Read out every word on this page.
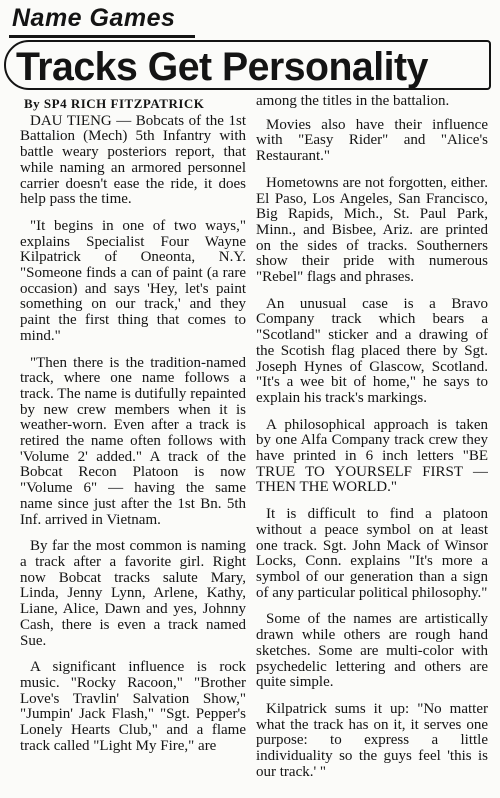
Name Games
Tracks Get Personality
By SP4 RICH FITZPATRICK

DAU TIENG — Bobcats of the 1st Battalion (Mech) 5th Infantry with battle weary posteriors report, that while naming an armored personnel carrier doesn't ease the ride, it does help pass the time.

"It begins in one of two ways," explains Specialist Four Wayne Kilpatrick of Oneonta, N.Y. "Someone finds a can of paint (a rare occasion) and says 'Hey, let's paint something on our track,' and they paint the first thing that comes to mind."

"Then there is the tradition-named track, where one name follows a track. The name is dutifully repainted by new crew members when it is weather-worn. Even after a track is retired the name often follows with 'Volume 2' added." A track of the Bobcat Recon Platoon is now "Volume 6" — having the same name since just after the 1st Bn. 5th Inf. arrived in Vietnam.

By far the most common is naming a track after a favorite girl. Right now Bobcat tracks salute Mary, Linda, Jenny Lynn, Arlene, Kathy, Liane, Alice, Dawn and yes, Johnny Cash, there is even a track named Sue.

A significant influence is rock music. "Rocky Racoon," "Brother Love's Travlin' Salvation Show," "Jumpin' Jack Flash," "Sgt. Pepper's Lonely Hearts Club," and a flame track called "Light My Fire," are

among the titles in the battalion.

Movies also have their influence with "Easy Rider" and "Alice's Restaurant."

Hometowns are not forgotten, either. El Paso, Los Angeles, San Francisco, Big Rapids, Mich., St. Paul Park, Minn., and Bisbee, Ariz. are printed on the sides of tracks. Southerners show their pride with numerous "Rebel" flags and phrases.

An unusual case is a Bravo Company track which bears a "Scotland" sticker and a drawing of the Scotish flag placed there by Sgt. Joseph Hynes of Glascow, Scotland. "It's a wee bit of home," he says to explain his track's markings.

A philosophical approach is taken by one Alfa Company track crew they have printed in 6 inch letters "BE TRUE TO YOURSELF FIRST — THEN THE WORLD."

It is difficult to find a platoon without a peace symbol on at least one track. Sgt. John Mack of Winsor Locks, Conn. explains "It's more a symbol of our generation than a sign of any particular political philosophy."

Some of the names are artistically drawn while others are rough hand sketches. Some are multi-color with psychedelic lettering and others are quite simple.

Kilpatrick sums it up: "No matter what the track has on it, it serves one purpose: to express a little individuality so the guys feel 'this is our track.' "
